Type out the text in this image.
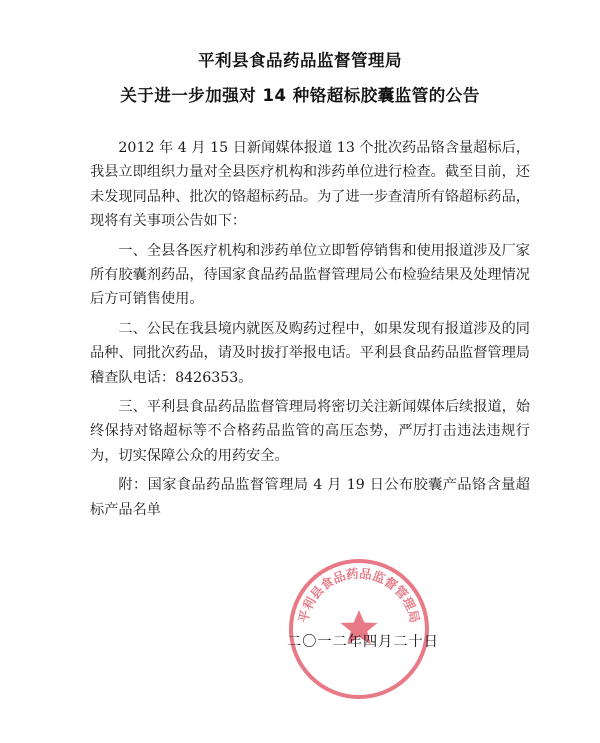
平利县食品药品监督管理局
关于进一步加强对 14 种铬超标胶囊监管的公告

2012 年 4 月 15 日新闻媒体报道 13 个批次药品铬含量超标后，我县立即组织力量对全县医疗机构和涉药单位进行检查。截至目前，还未发现同品种、批次的铬超标药品。为了进一步查清所有铬超标药品，现将有关事项公告如下：

一、全县各医疗机构和涉药单位立即暂停销售和使用报道涉及厂家所有胶囊剂药品，待国家食品药品监督管理局公布检验结果及处理情况后方可销售使用。

二、公民在我县境内就医及购药过程中，如果发现有报道涉及的同品种、同批次药品，请及时拔打举报电话。平利县食品药品监督管理局稽查队电话：8426353。

三、平利县食品药品监督管理局将密切关注新闻媒体后续报道，始终保持对铬超标等不合格药品监管的高压态势，严厉打击违法违规行为，切实保障公众的用药安全。

附：国家食品药品监督管理局 4 月 19 日公布胶囊产品铬含量超标产品名单

平利县食品药品监督管理局
二〇一二年四月二十日
